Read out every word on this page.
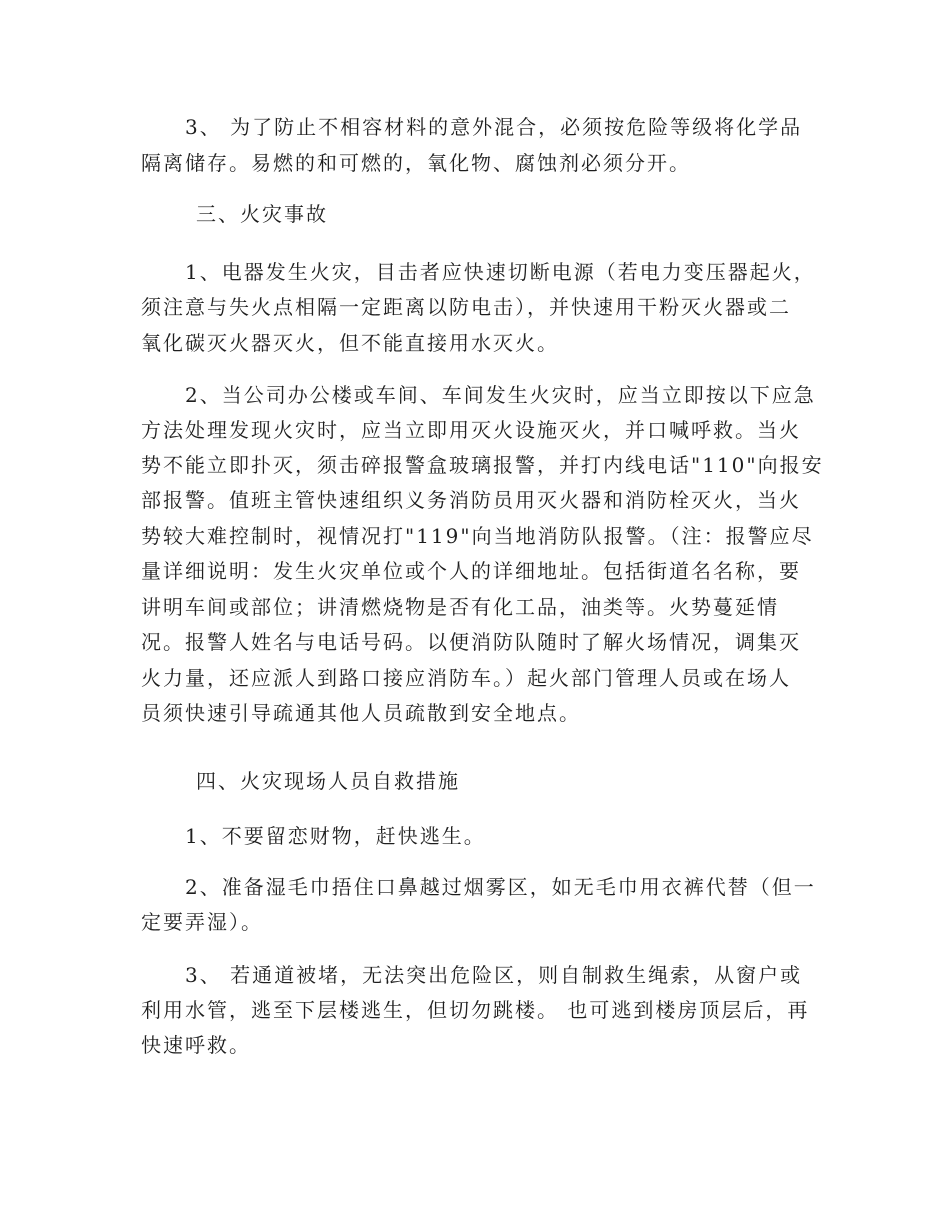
3、 为了防止不相容材料的意外混合，必须按危险等级将化学品
隔离储存。易燃的和可燃的，氧化物、腐蚀剂必须分开。
三、火灾事故
1、电器发生火灾，目击者应快速切断电源（若电力变压器起火，
须注意与失火点相隔一定距离以防电击），并快速用干粉灭火器或二
氧化碳灭火器灭火，但不能直接用水灭火。
2、当公司办公楼或车间、车间发生火灾时，应当立即按以下应急
方法处理发现火灾时，应当立即用灭火设施灭火，并口喊呼救。当火
势不能立即扑灭，须击碎报警盒玻璃报警，并打内线电话"110"向报安
部报警。值班主管快速组织义务消防员用灭火器和消防栓灭火，当火
势较大难控制时，视情况打"119"向当地消防队报警。（注：报警应尽
量详细说明：发生火灾单位或个人的详细地址。包括街道名名称，要
讲明车间或部位；讲清燃烧物是否有化工品，油类等。火势蔓延情
况。报警人姓名与电话号码。以便消防队随时了解火场情况，调集灭
火力量，还应派人到路口接应消防车。）起火部门管理人员或在场人
员须快速引导疏通其他人员疏散到安全地点。
四、火灾现场人员自救措施
1、不要留恋财物，赶快逃生。
2、准备湿毛巾捂住口鼻越过烟雾区，如无毛巾用衣裤代替（但一
定要弄湿）。
3、 若通道被堵，无法突出危险区，则自制救生绳索，从窗户或
利用水管，逃至下层楼逃生，但切勿跳楼。 也可逃到楼房顶层后，再
快速呼救。
